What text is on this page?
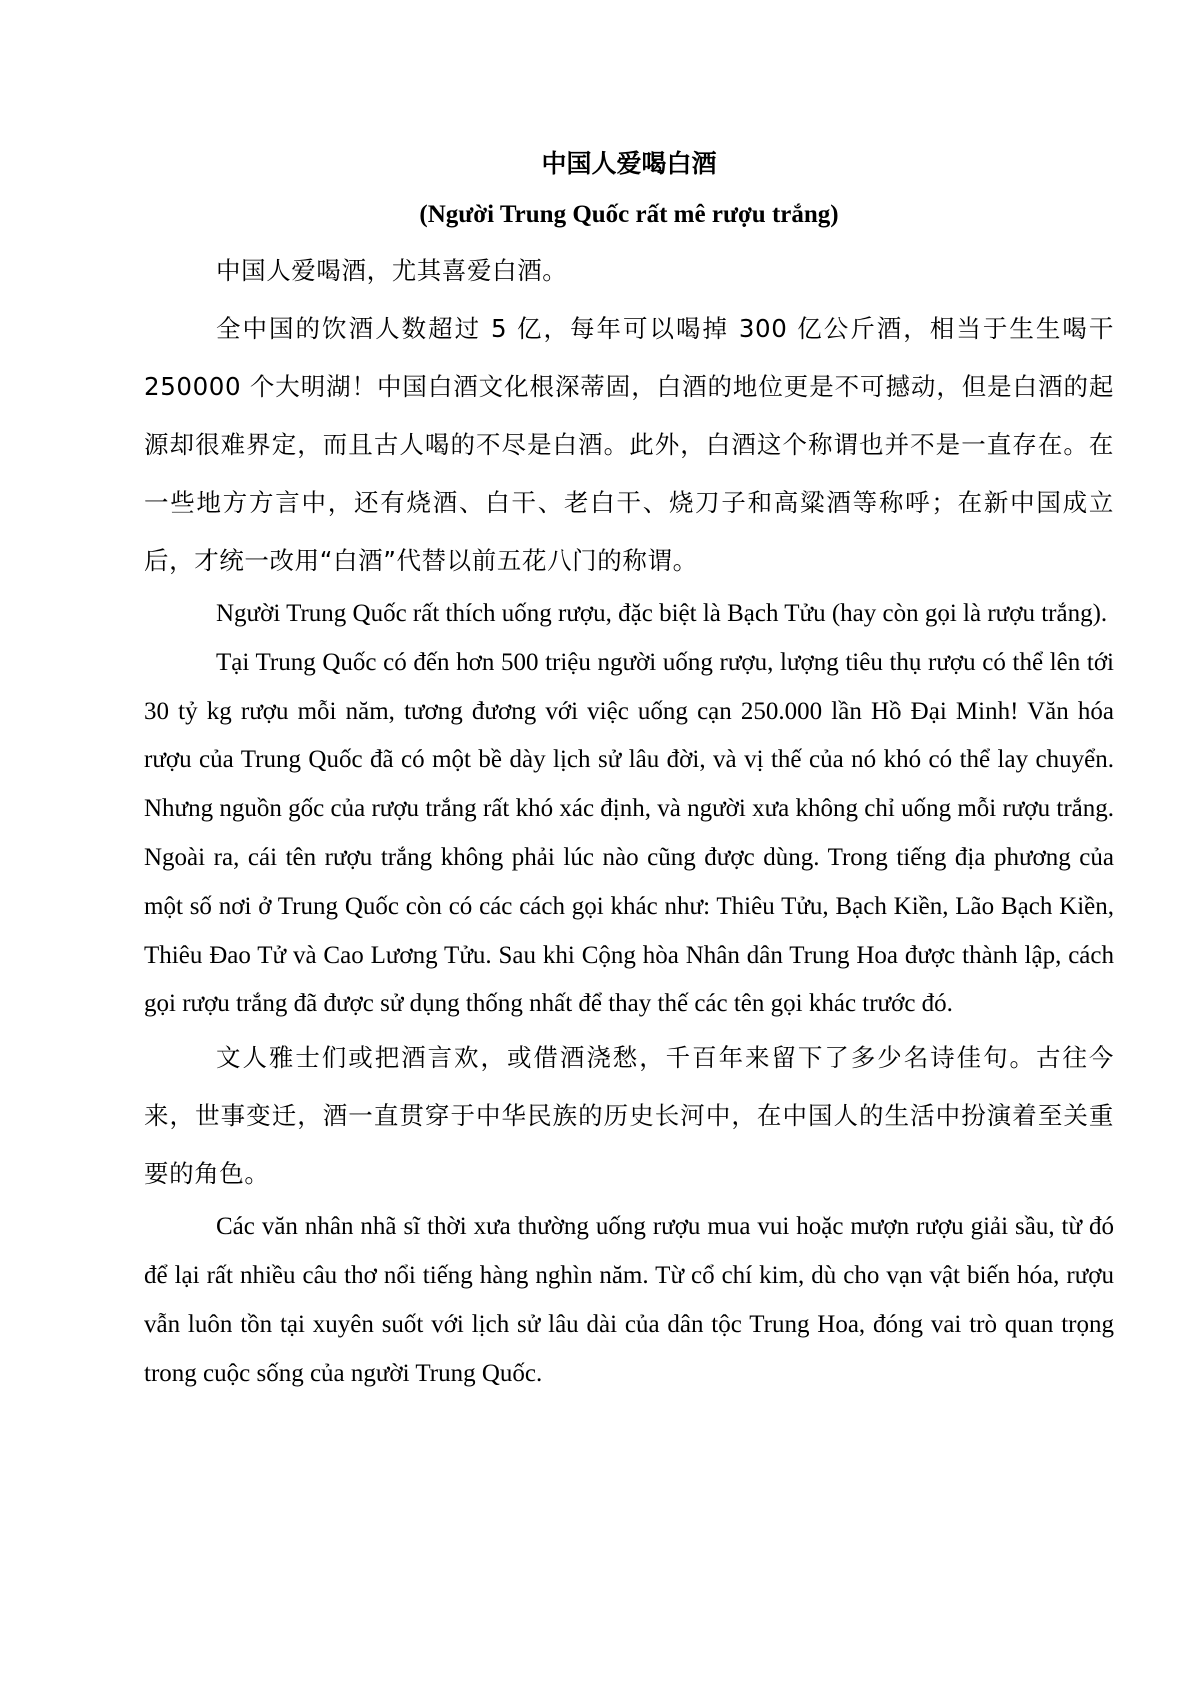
中国人爱喝白酒
(Người Trung Quốc rất mê rượu trắng)

中国人爱喝酒，尤其喜爱白酒。

全中国的饮酒人数超过 5 亿，每年可以喝掉 300 亿公斤酒，相当于生生喝干 250000 个大明湖！中国白酒文化根深蒂固，白酒的地位更是不可撼动，但是白酒的起源却很难界定，而且古人喝的不尽是白酒。此外，白酒这个称谓也并不是一直存在。在一些地方方言中，还有烧酒、白干、老白干、烧刀子和高粱酒等称呼；在新中国成立后，才统一改用“白酒”代替以前五花八门的称谓。

Người Trung Quốc rất thích uống rượu, đặc biệt là Bạch Tửu (hay còn gọi là rượu trắng).

Tại Trung Quốc có đến hơn 500 triệu người uống rượu, lượng tiêu thụ rượu có thể lên tới 30 tỷ kg rượu mỗi năm, tương đương với việc uống cạn 250.000 lần Hồ Đại Minh! Văn hóa rượu của Trung Quốc đã có một bề dày lịch sử lâu đời, và vị thế của nó khó có thể lay chuyển. Nhưng nguồn gốc của rượu trắng rất khó xác định, và người xưa không chỉ uống mỗi rượu trắng. Ngoài ra, cái tên rượu trắng không phải lúc nào cũng được dùng. Trong tiếng địa phương của một số nơi ở Trung Quốc còn có các cách gọi khác như: Thiêu Tửu, Bạch Kiền, Lão Bạch Kiền, Thiêu Đao Tử và Cao Lương Tửu. Sau khi Cộng hòa Nhân dân Trung Hoa được thành lập, cách gọi rượu trắng đã được sử dụng thống nhất để thay thế các tên gọi khác trước đó.

文人雅士们或把酒言欢，或借酒浇愁，千百年来留下了多少名诗佳句。古往今来，世事变迁，酒一直贯穿于中华民族的历史长河中，在中国人的生活中扮演着至关重要的角色。

Các văn nhân nhã sĩ thời xưa thường uống rượu mua vui hoặc mượn rượu giải sầu, từ đó để lại rất nhiều câu thơ nổi tiếng hàng nghìn năm. Từ cổ chí kim, dù cho vạn vật biến hóa, rượu vẫn luôn tồn tại xuyên suốt với lịch sử lâu dài của dân tộc Trung Hoa, đóng vai trò quan trọng trong cuộc sống của người Trung Quốc.
